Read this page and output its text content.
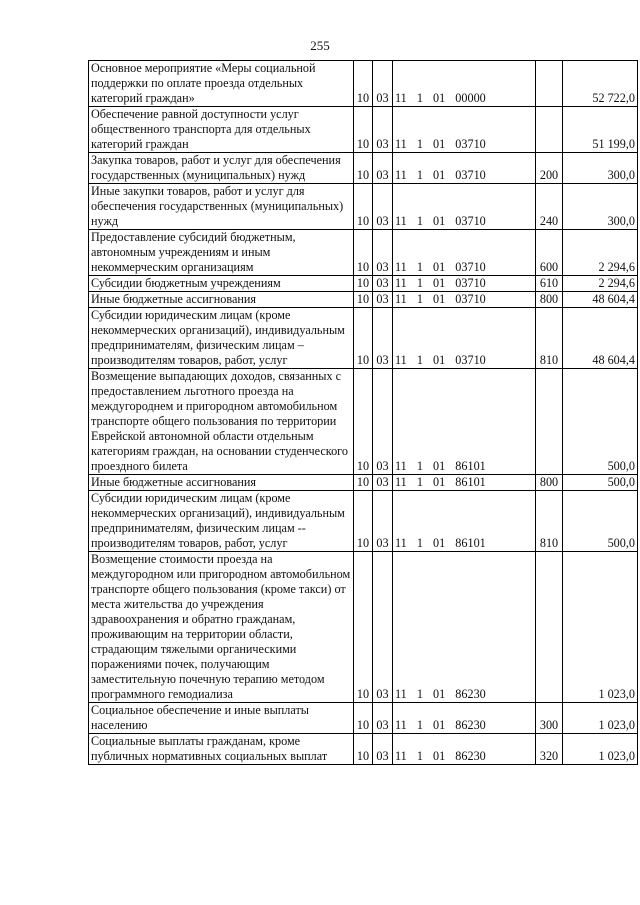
255
Основное мероприятие «Меры социальной поддержки по оплате проезда отдельных категорий граждан»	10	03	11  1  01  00000		52 722,0
Обеспечение равной доступности услуг общественного транспорта для отдельных категорий граждан	10	03	11  1  01  03710		51 199,0
Закупка товаров, работ и услуг для обеспечения государственных (муниципальных) нужд	10	03	11  1  01  03710	200	300,0
Иные закупки товаров, работ и услуг для обеспечения государственных (муниципальных) нужд	10	03	11  1  01  03710	240	300,0
Предоставление субсидий бюджетным, автономным учреждениям и иным некоммерческим организациям	10	03	11  1  01  03710	600	2 294,6
Субсидии бюджетным учреждениям	10	03	11  1  01  03710	610	2 294,6
Иные бюджетные ассигнования	10	03	11  1  01  03710	800	48 604,4
Субсидии юридическим лицам (кроме некоммерческих организаций), индивидуальным предпринимателям, физическим лицам – производителям товаров, работ, услуг	10	03	11  1  01  03710	810	48 604,4
Возмещение выпадающих доходов, связанных с предоставлением льготного проезда на междугороднем и пригородном автомобильном транспорте общего пользования по территории Еврейской автономной области отдельным категориям граждан, на основании студенческого проездного билета	10	03	11  1  01  86101		500,0
Иные бюджетные ассигнования	10	03	11  1  01  86101	800	500,0
Субсидии юридическим лицам (кроме некоммерческих организаций), индивидуальным предпринимателям, физическим лицам -- производителям товаров, работ, услуг	10	03	11  1  01  86101	810	500,0
Возмещение стоимости проезда на междугородном или пригородном автомобильном транспорте общего пользования (кроме такси) от места жительства до учреждения здравоохранения и обратно гражданам, проживающим на территории области, страдающим тяжелыми органическими поражениями почек, получающим заместительную почечную терапию методом программного гемодиализа	10	03	11  1  01  86230		1 023,0
Социальное обеспечение и иные выплаты населению	10	03	11  1  01  86230	300	1 023,0
Социальные выплаты гражданам, кроме публичных нормативных социальных выплат	10	03	11  1  01  86230	320	1 023,0
